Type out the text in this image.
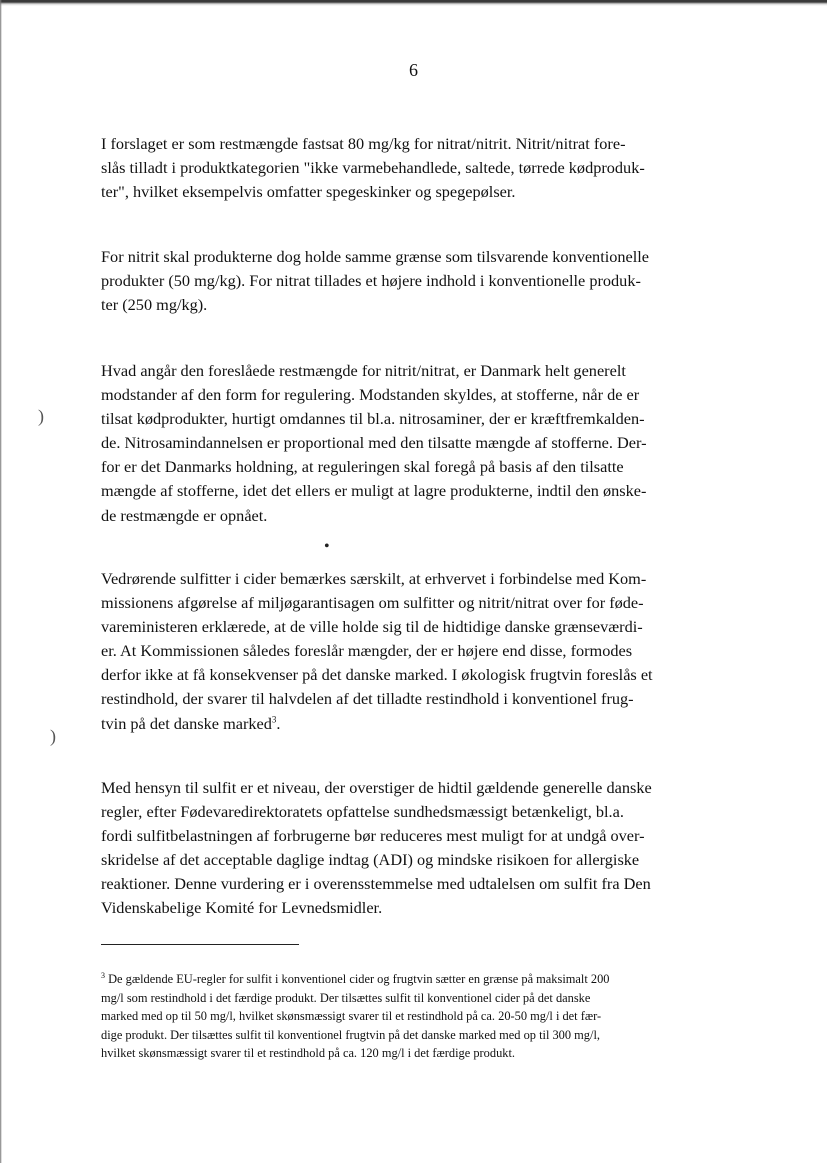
)
)
•
6
I forslaget er som restmængde fastsat 80 mg/kg for nitrat/nitrit. Nitrit/nitrat fore-
slås tilladt i produktkategorien "ikke varmebehandlede, saltede, tørrede kødproduk-
ter", hvilket eksempelvis omfatter spegeskinker og spegepølser.
For nitrit skal produkterne dog holde samme grænse som tilsvarende konventionelle
produkter (50 mg/kg). For nitrat tillades et højere indhold i konventionelle produk-
ter (250 mg/kg).
Hvad angår den foreslåede restmængde for nitrit/nitrat, er Danmark helt generelt
modstander af den form for regulering. Modstanden skyldes, at stofferne, når de er
tilsat kødprodukter, hurtigt omdannes til bl.a. nitrosaminer, der er kræftfremkalden-
de. Nitrosamindannelsen er proportional med den tilsatte mængde af stofferne. Der-
for er det Danmarks holdning, at reguleringen skal foregå på basis af den tilsatte
mængde af stofferne, idet det ellers er muligt at lagre produkterne, indtil den ønske-
de restmængde er opnået.
Vedrørende sulfitter i cider bemærkes særskilt, at erhvervet i forbindelse med Kom-
missionens afgørelse af miljøgarantisagen om sulfitter og nitrit/nitrat over for føde-
vareministeren erklærede, at de ville holde sig til de hidtidige danske grænseværdi-
er. At Kommissionen således foreslår mængder, der er højere end disse, formodes
derfor ikke at få konsekvenser på det danske marked. I økologisk frugtvin foreslås et
restindhold, der svarer til halvdelen af det tilladte restindhold i konventionel frug-
tvin på det danske marked$^3$.
Med hensyn til sulfit er et niveau, der overstiger de hidtil gældende generelle danske
regler, efter Fødevaredirektoratets opfattelse sundhedsmæssigt betænkeligt, bl.a.
fordi sulfitbelastningen af forbrugerne bør reduceres mest muligt for at undgå over-
skridelse af det acceptable daglige indtag (ADI) og mindske risikoen for allergiske
reaktioner. Denne vurdering er i overensstemmelse med udtalelsen om sulfit fra Den
Videnskabelige Komité for Levnedsmidler.
$^3$ De gældende EU-regler for sulfit i konventionel cider og frugtvin sætter en grænse på maksimalt 200
mg/l som restindhold i det færdige produkt. Der tilsættes sulfit til konventionel cider på det danske
marked med op til 50 mg/l, hvilket skønsmæssigt svarer til et restindhold på ca. 20-50 mg/l i det fær-
dige produkt. Der tilsættes sulfit til konventionel frugtvin på det danske marked med op til 300 mg/l,
hvilket skønsmæssigt svarer til et restindhold på ca. 120 mg/l i det færdige produkt.
